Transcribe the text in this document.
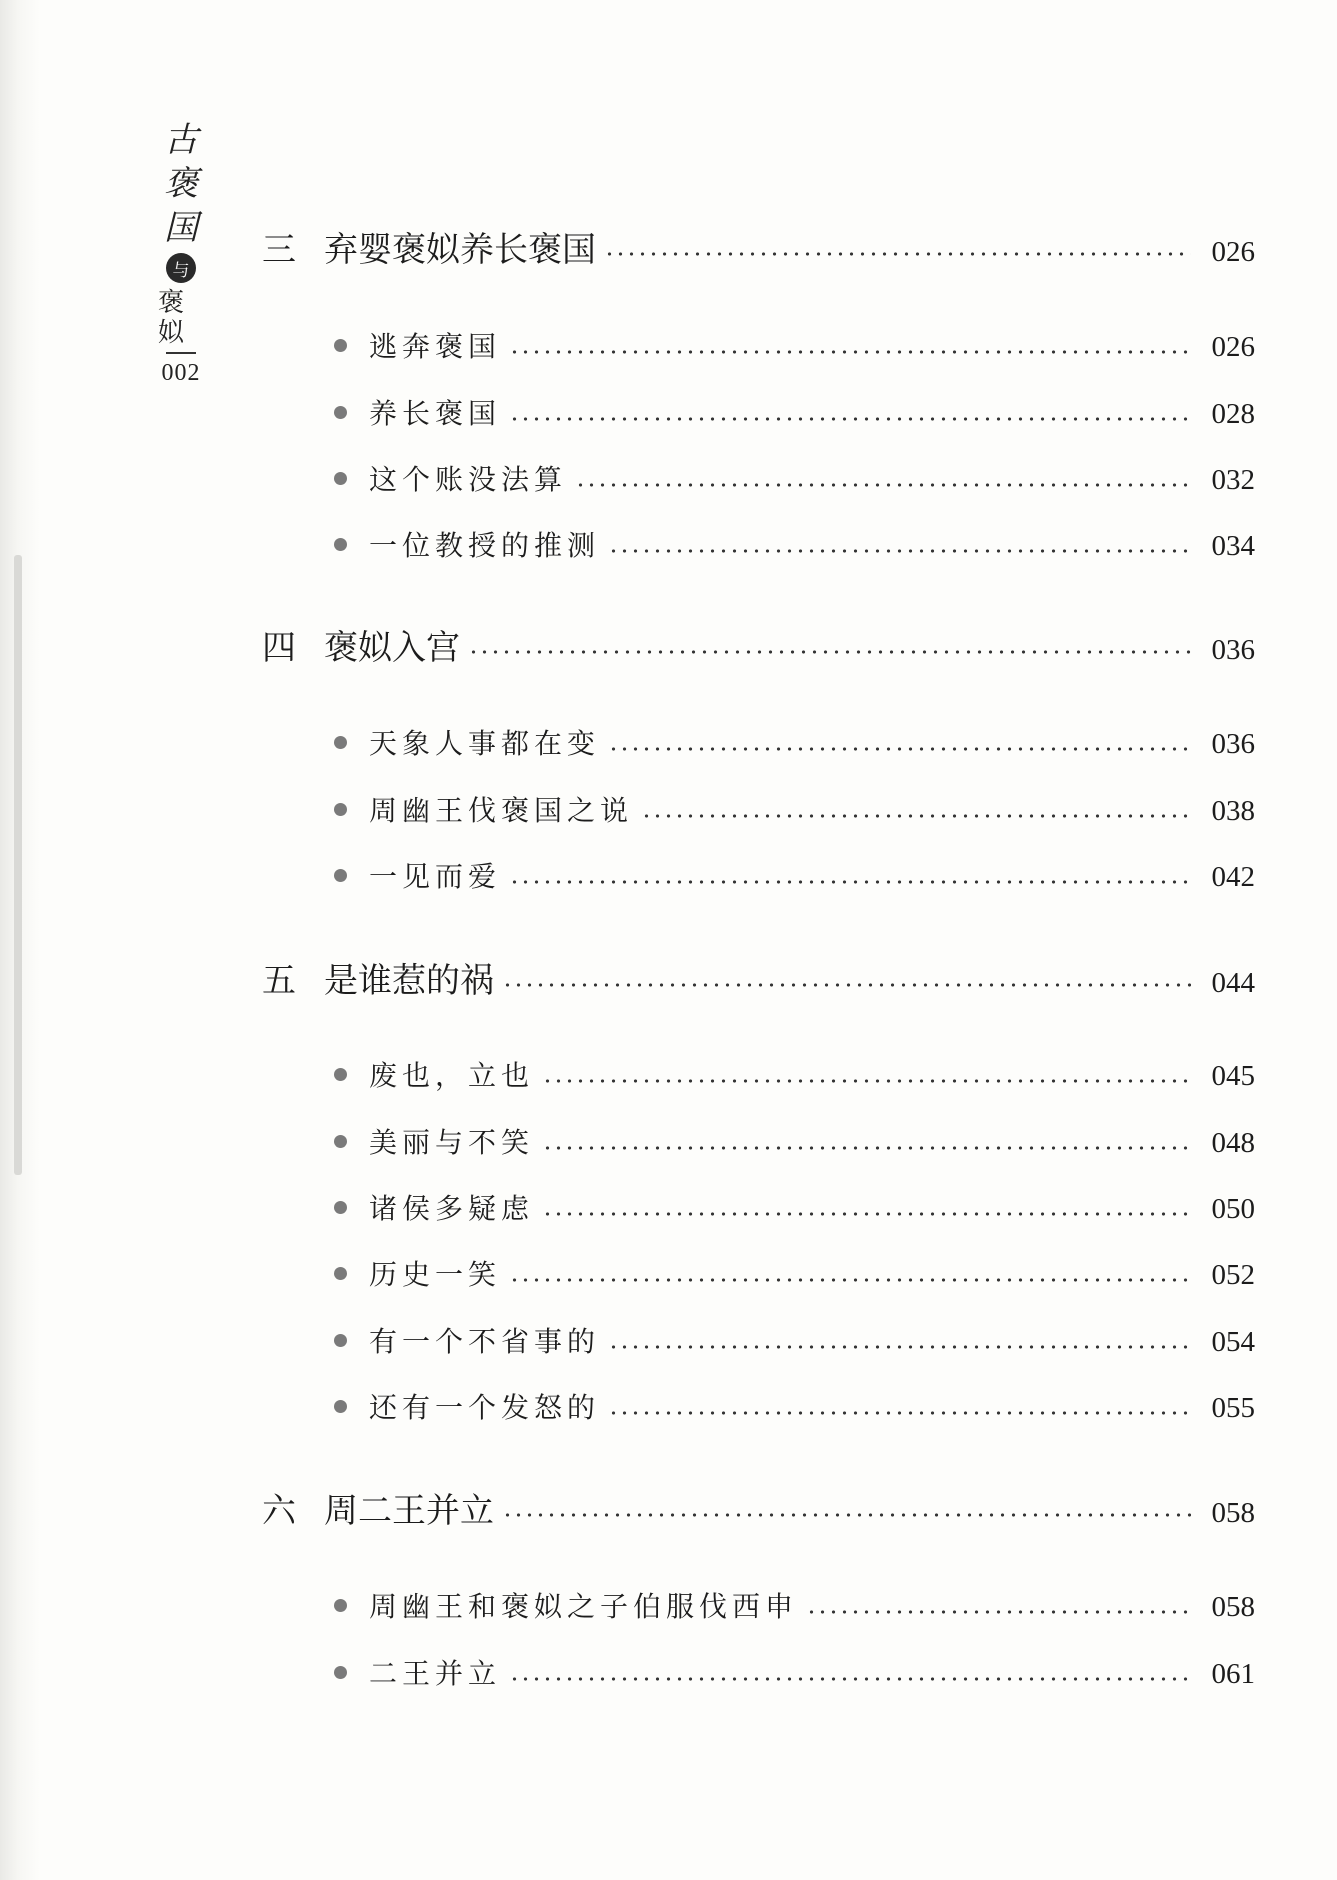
古
褒
国
与
褒姒
002
三 弃婴褒姒养长褒国	026
逃奔褒国	026
养长褒国	028
这个账没法算	032
一位教授的推测	034
四 褒姒入宫	036
天象人事都在变	036
周幽王伐褒国之说	038
一见而爱	042
五 是谁惹的祸	044
废也，立也	045
美丽与不笑	048
诸侯多疑虑	050
历史一笑	052
有一个不省事的	054
还有一个发怒的	055
六 周二王并立	058
周幽王和褒姒之子伯服伐西申	058
二王并立	061
